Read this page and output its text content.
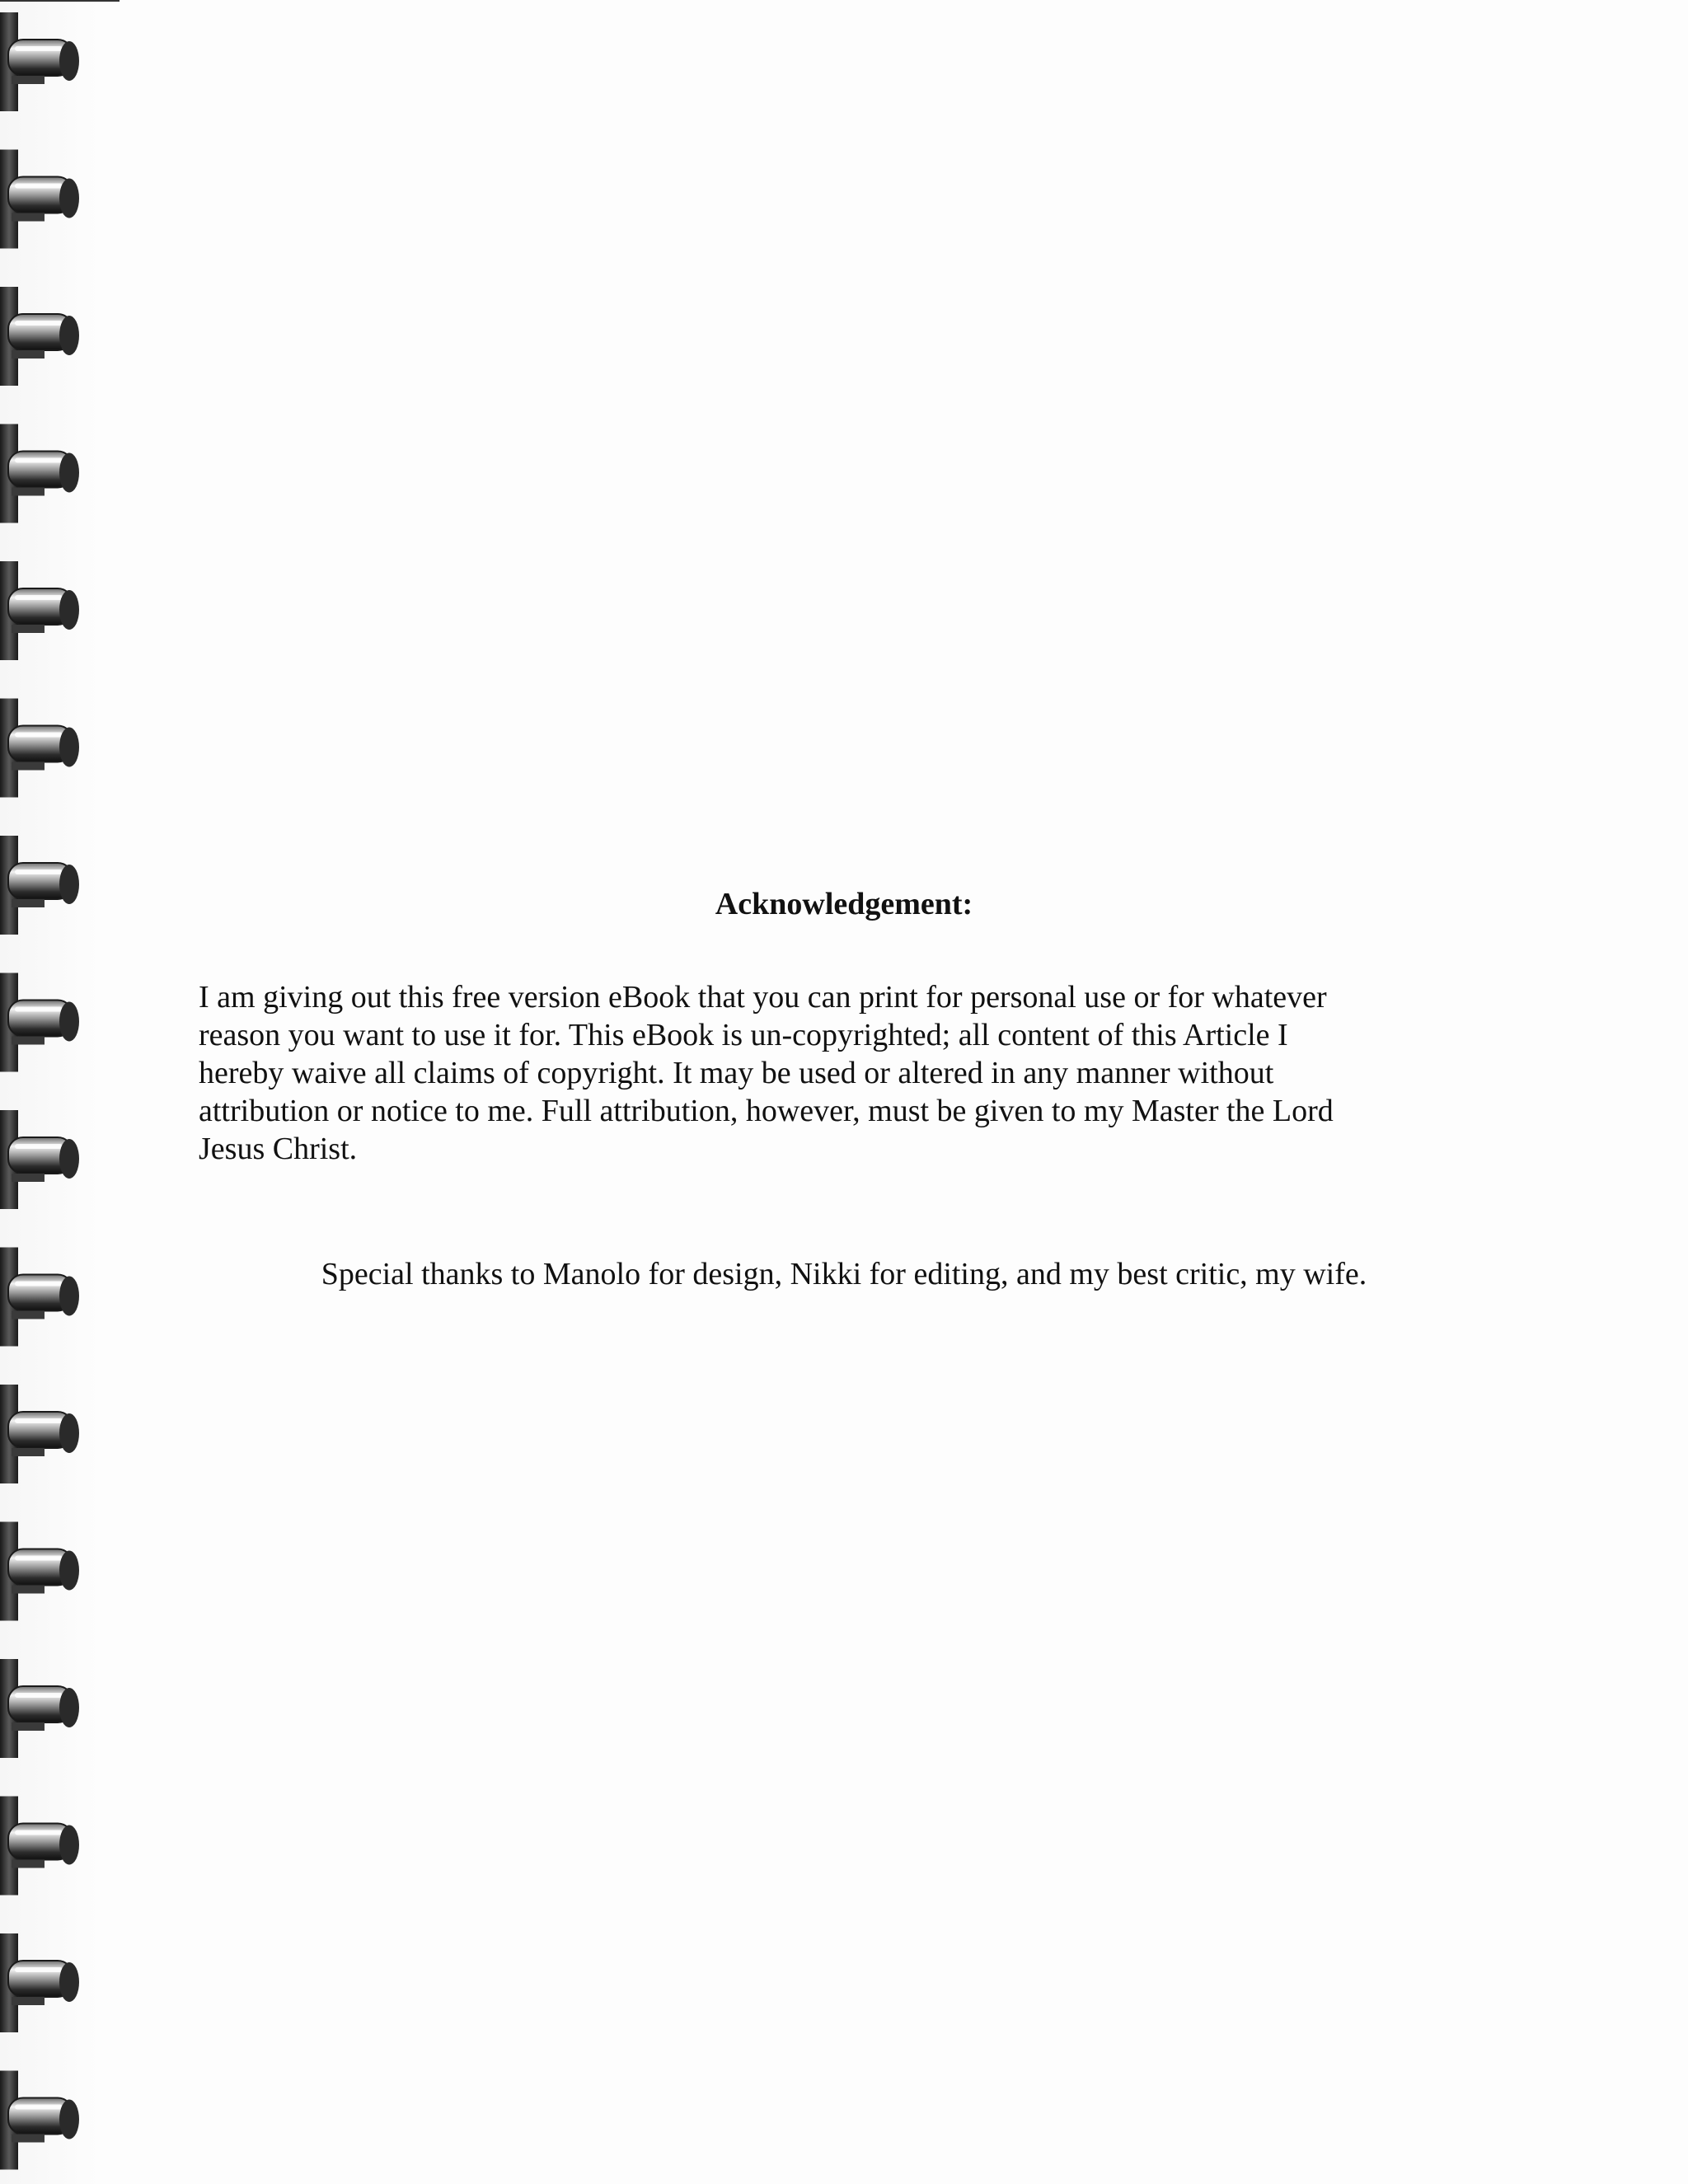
Acknowledgement:
I am giving out this free version eBook that you can print for personal use or for whatever
reason you want to use it for. This eBook is un-copyrighted; all content of this Article I
hereby waive all claims of copyright. It may be used or altered in any manner without
attribution or notice to me. Full attribution, however, must be given to my Master the Lord
Jesus Christ.

Special thanks to Manolo for design, Nikki for editing, and my best critic, my wife.
